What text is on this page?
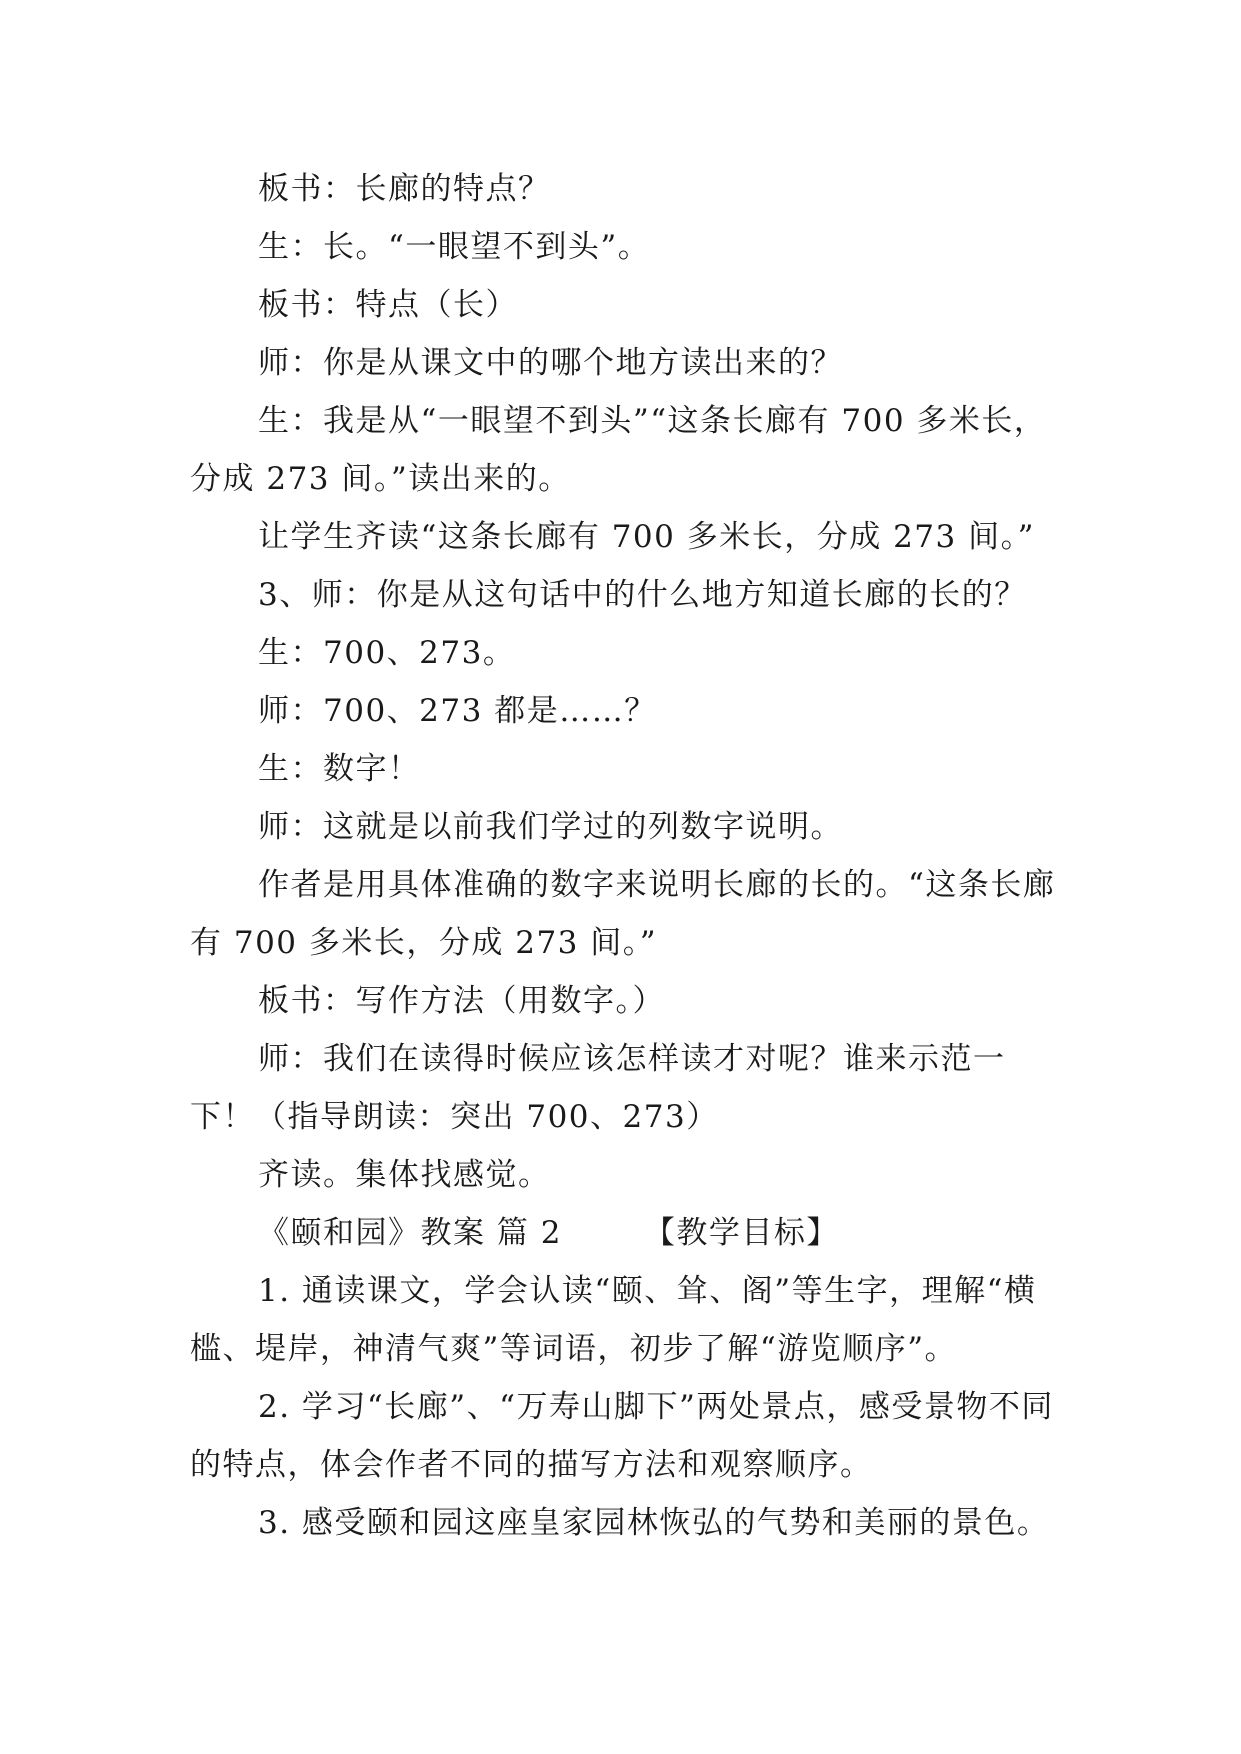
板书：长廊的特点？

生：长。“一眼望不到头”。

板书：特点（长）

师：你是从课文中的哪个地方读出来的？

生：我是从“一眼望不到头”“这条长廊有 700 多米长，分成 273 间。”读出来的。

让学生齐读“这条长廊有 700 多米长，分成 273 间。”

3、师：你是从这句话中的什么地方知道长廊的长的？

生：700、273。

师：700、273 都是……？

生：数字！

师：这就是以前我们学过的列数字说明。

作者是用具体准确的数字来说明长廊的长的。“这条长廊有 700 多米长，分成 273 间。”

板书：写作方法（用数字。）

师：我们在读得时候应该怎样读才对呢？谁来示范一下！（指导朗读：突出 700、273）

齐读。集体找感觉。

《颐和园》教案 篇 2　　　【教学目标】

1. 通读课文，学会认读“颐、耸、阁”等生字，理解“横槛、堤岸，神清气爽”等词语，初步了解“游览顺序”。

2. 学习“长廊”、“万寿山脚下”两处景点，感受景物不同的特点，体会作者不同的描写方法和观察顺序。

3. 感受颐和园这座皇家园林恢弘的气势和美丽的景色。
